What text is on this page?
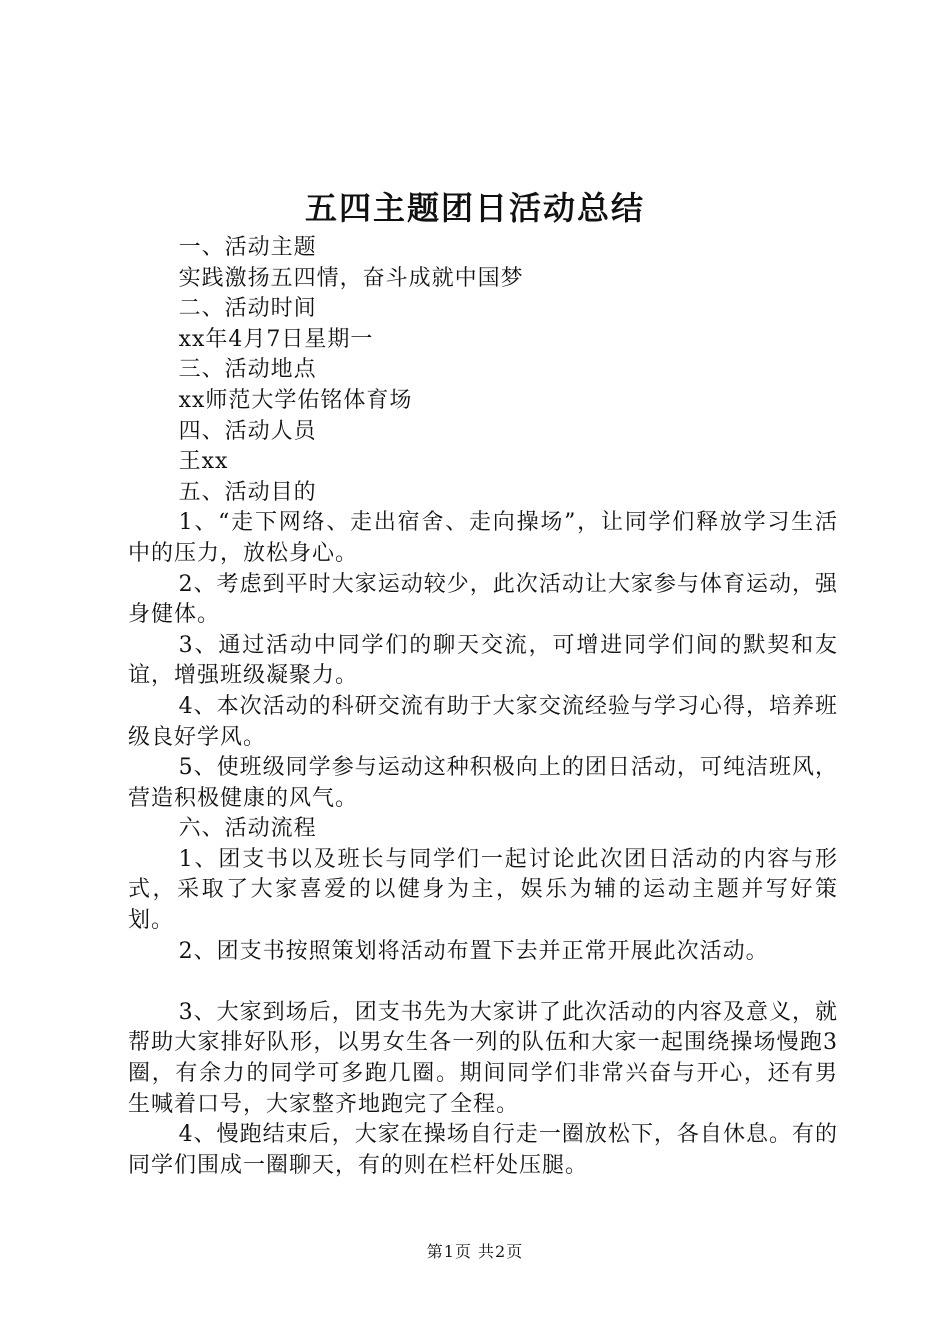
五四主题团日活动总结

一、活动主题

实践激扬五四情，奋斗成就中国梦

二、活动时间

xx年4月7日星期一

三、活动地点

xx师范大学佑铭体育场

四、活动人员

王xx

五、活动目的

1、“走下网络、走出宿舍、走向操场”，让同学们释放学习生活中的压力，放松身心。

2、考虑到平时大家运动较少，此次活动让大家参与体育运动，强身健体。

3、通过活动中同学们的聊天交流，可增进同学们间的默契和友谊，增强班级凝聚力。

4、本次活动的科研交流有助于大家交流经验与学习心得，培养班级良好学风。

5、使班级同学参与运动这种积极向上的团日活动，可纯洁班风，营造积极健康的风气。

六、活动流程

1、团支书以及班长与同学们一起讨论此次团日活动的内容与形式，采取了大家喜爱的以健身为主，娱乐为辅的运动主题并写好策划。

2、团支书按照策划将活动布置下去并正常开展此次活动。

3、大家到场后，团支书先为大家讲了此次活动的内容及意义，就帮助大家排好队形，以男女生各一列的队伍和大家一起围绕操场慢跑3圈，有余力的同学可多跑几圈。期间同学们非常兴奋与开心，还有男生喊着口号，大家整齐地跑完了全程。

4、慢跑结束后，大家在操场自行走一圈放松下，各自休息。有的同学们围成一圈聊天，有的则在栏杆处压腿。

第1页 共2页
